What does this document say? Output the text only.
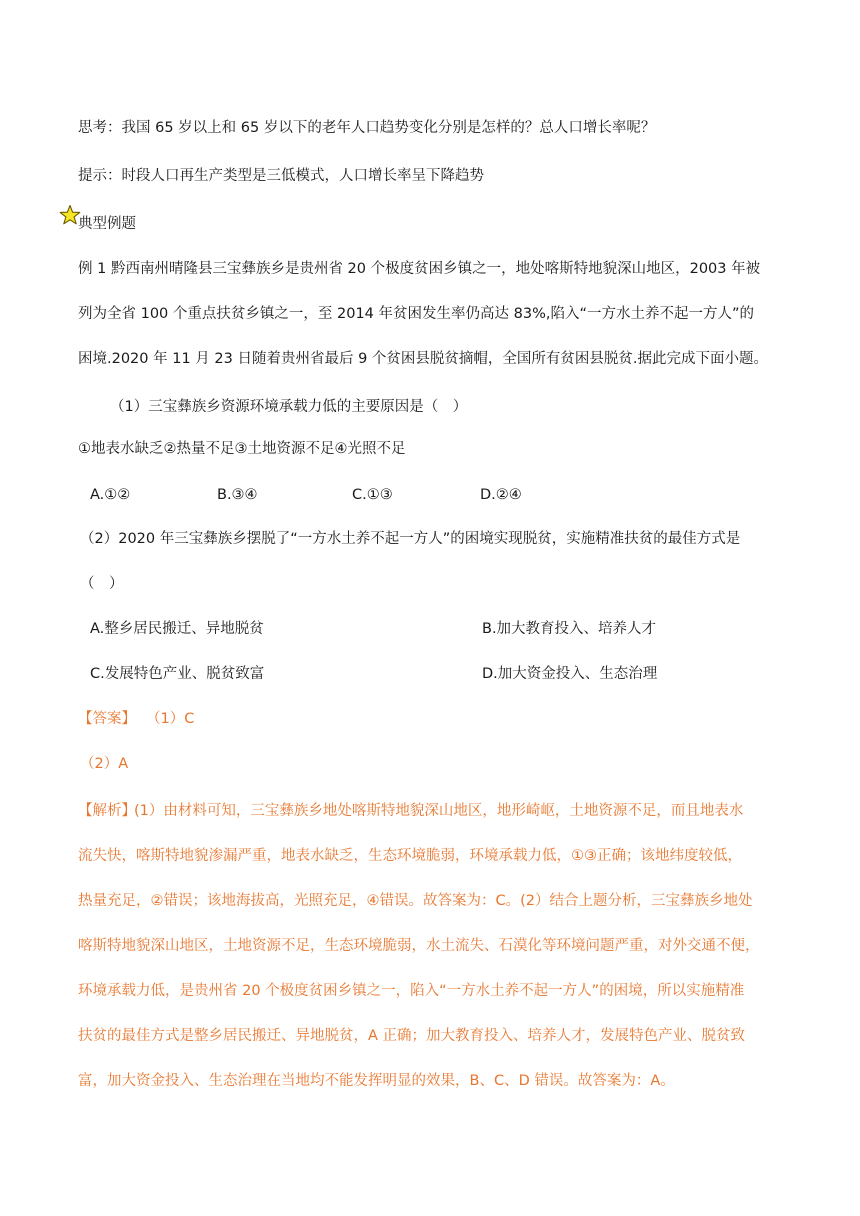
思考：我国 65 岁以上和 65 岁以下的老年人口趋势变化分别是怎样的？总人口增长率呢？
提示：时段人口再生产类型是三低模式，人口增长率呈下降趋势
典型例题
例 1 黔西南州晴隆县三宝彝族乡是贵州省 20 个极度贫困乡镇之一，地处喀斯特地貌深山地区，2003 年被
列为全省 100 个重点扶贫乡镇之一，至 2014 年贫困发生率仍高达 83%,陷入“一方水土养不起一方人”的
困境.2020 年 11 月 23 日随着贵州省最后 9 个贫困县脱贫摘帽，全国所有贫困县脱贫.据此完成下面小题。
（1）三宝彝族乡资源环境承载力低的主要原因是（　）
①地表水缺乏②热量不足③土地资源不足④光照不足
A.①②	B.③④	C.①③	D.②④
（2）2020 年三宝彝族乡摆脱了“一方水土养不起一方人”的困境实现脱贫，实施精准扶贫的最佳方式是
（　）
A.整乡居民搬迁、异地脱贫	B.加大教育投入、培养人才
C.发展特色产业、脱贫致富	D.加大资金投入、生态治理
【答案】 （1）C
（2）A
【解析】
(1）由材料可知，三宝彝族乡地处喀斯特地貌深山地区，地形崎岖，土地资源不足，而且地表水
流失快，喀斯特地貌渗漏严重，地表水缺乏，生态环境脆弱，环境承载力低，①③正确；该地纬度较低，
热量充足，②错误；该地海拔高，光照充足，④错误。故答案为：C。(2）结合上题分析，三宝彝族乡地处
喀斯特地貌深山地区，土地资源不足，生态环境脆弱，水土流失、石漠化等环境问题严重，对外交通不便，
环境承载力低，是贵州省 20 个极度贫困乡镇之一，陷入“一方水土养不起一方人”的困境，所以实施精准
扶贫的最佳方式是整乡居民搬迁、异地脱贫，A 正确；加大教育投入、培养人才，发展特色产业、脱贫致
富，加大资金投入、生态治理在当地均不能发挥明显的效果，B、C、D 错误。故答案为：A。
